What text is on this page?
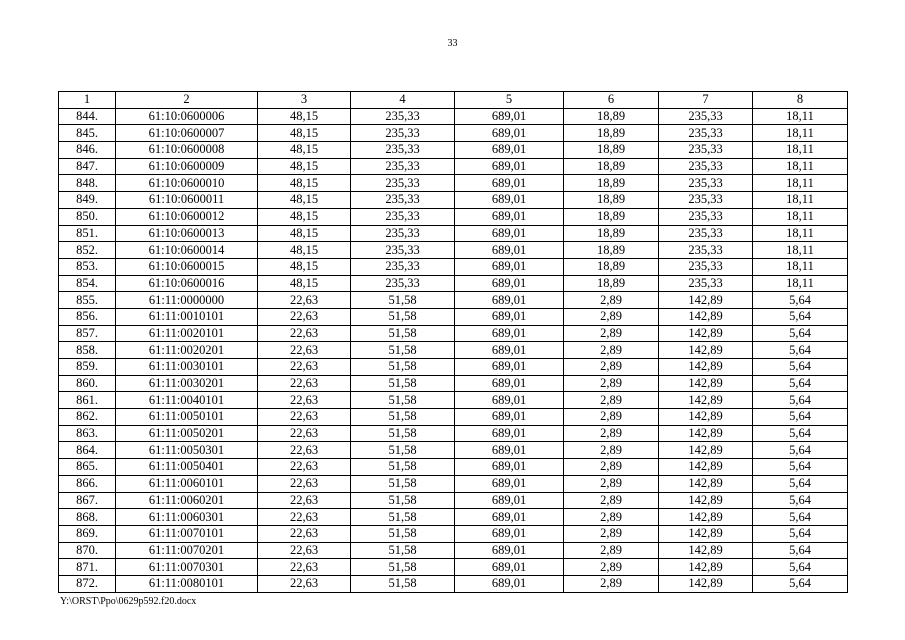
33
1	2	3	4	5	6	7	8
844.	61:10:0600006	48,15	235,33	689,01	18,89	235,33	18,11
845.	61:10:0600007	48,15	235,33	689,01	18,89	235,33	18,11
846.	61:10:0600008	48,15	235,33	689,01	18,89	235,33	18,11
847.	61:10:0600009	48,15	235,33	689,01	18,89	235,33	18,11
848.	61:10:0600010	48,15	235,33	689,01	18,89	235,33	18,11
849.	61:10:0600011	48,15	235,33	689,01	18,89	235,33	18,11
850.	61:10:0600012	48,15	235,33	689,01	18,89	235,33	18,11
851.	61:10:0600013	48,15	235,33	689,01	18,89	235,33	18,11
852.	61:10:0600014	48,15	235,33	689,01	18,89	235,33	18,11
853.	61:10:0600015	48,15	235,33	689,01	18,89	235,33	18,11
854.	61:10:0600016	48,15	235,33	689,01	18,89	235,33	18,11
855.	61:11:0000000	22,63	51,58	689,01	2,89	142,89	5,64
856.	61:11:0010101	22,63	51,58	689,01	2,89	142,89	5,64
857.	61:11:0020101	22,63	51,58	689,01	2,89	142,89	5,64
858.	61:11:0020201	22,63	51,58	689,01	2,89	142,89	5,64
859.	61:11:0030101	22,63	51,58	689,01	2,89	142,89	5,64
860.	61:11:0030201	22,63	51,58	689,01	2,89	142,89	5,64
861.	61:11:0040101	22,63	51,58	689,01	2,89	142,89	5,64
862.	61:11:0050101	22,63	51,58	689,01	2,89	142,89	5,64
863.	61:11:0050201	22,63	51,58	689,01	2,89	142,89	5,64
864.	61:11:0050301	22,63	51,58	689,01	2,89	142,89	5,64
865.	61:11:0050401	22,63	51,58	689,01	2,89	142,89	5,64
866.	61:11:0060101	22,63	51,58	689,01	2,89	142,89	5,64
867.	61:11:0060201	22,63	51,58	689,01	2,89	142,89	5,64
868.	61:11:0060301	22,63	51,58	689,01	2,89	142,89	5,64
869.	61:11:0070101	22,63	51,58	689,01	2,89	142,89	5,64
870.	61:11:0070201	22,63	51,58	689,01	2,89	142,89	5,64
871.	61:11:0070301	22,63	51,58	689,01	2,89	142,89	5,64
872.	61:11:0080101	22,63	51,58	689,01	2,89	142,89	5,64
Y:\ORST\Ppo\0629p592.f20.docx
